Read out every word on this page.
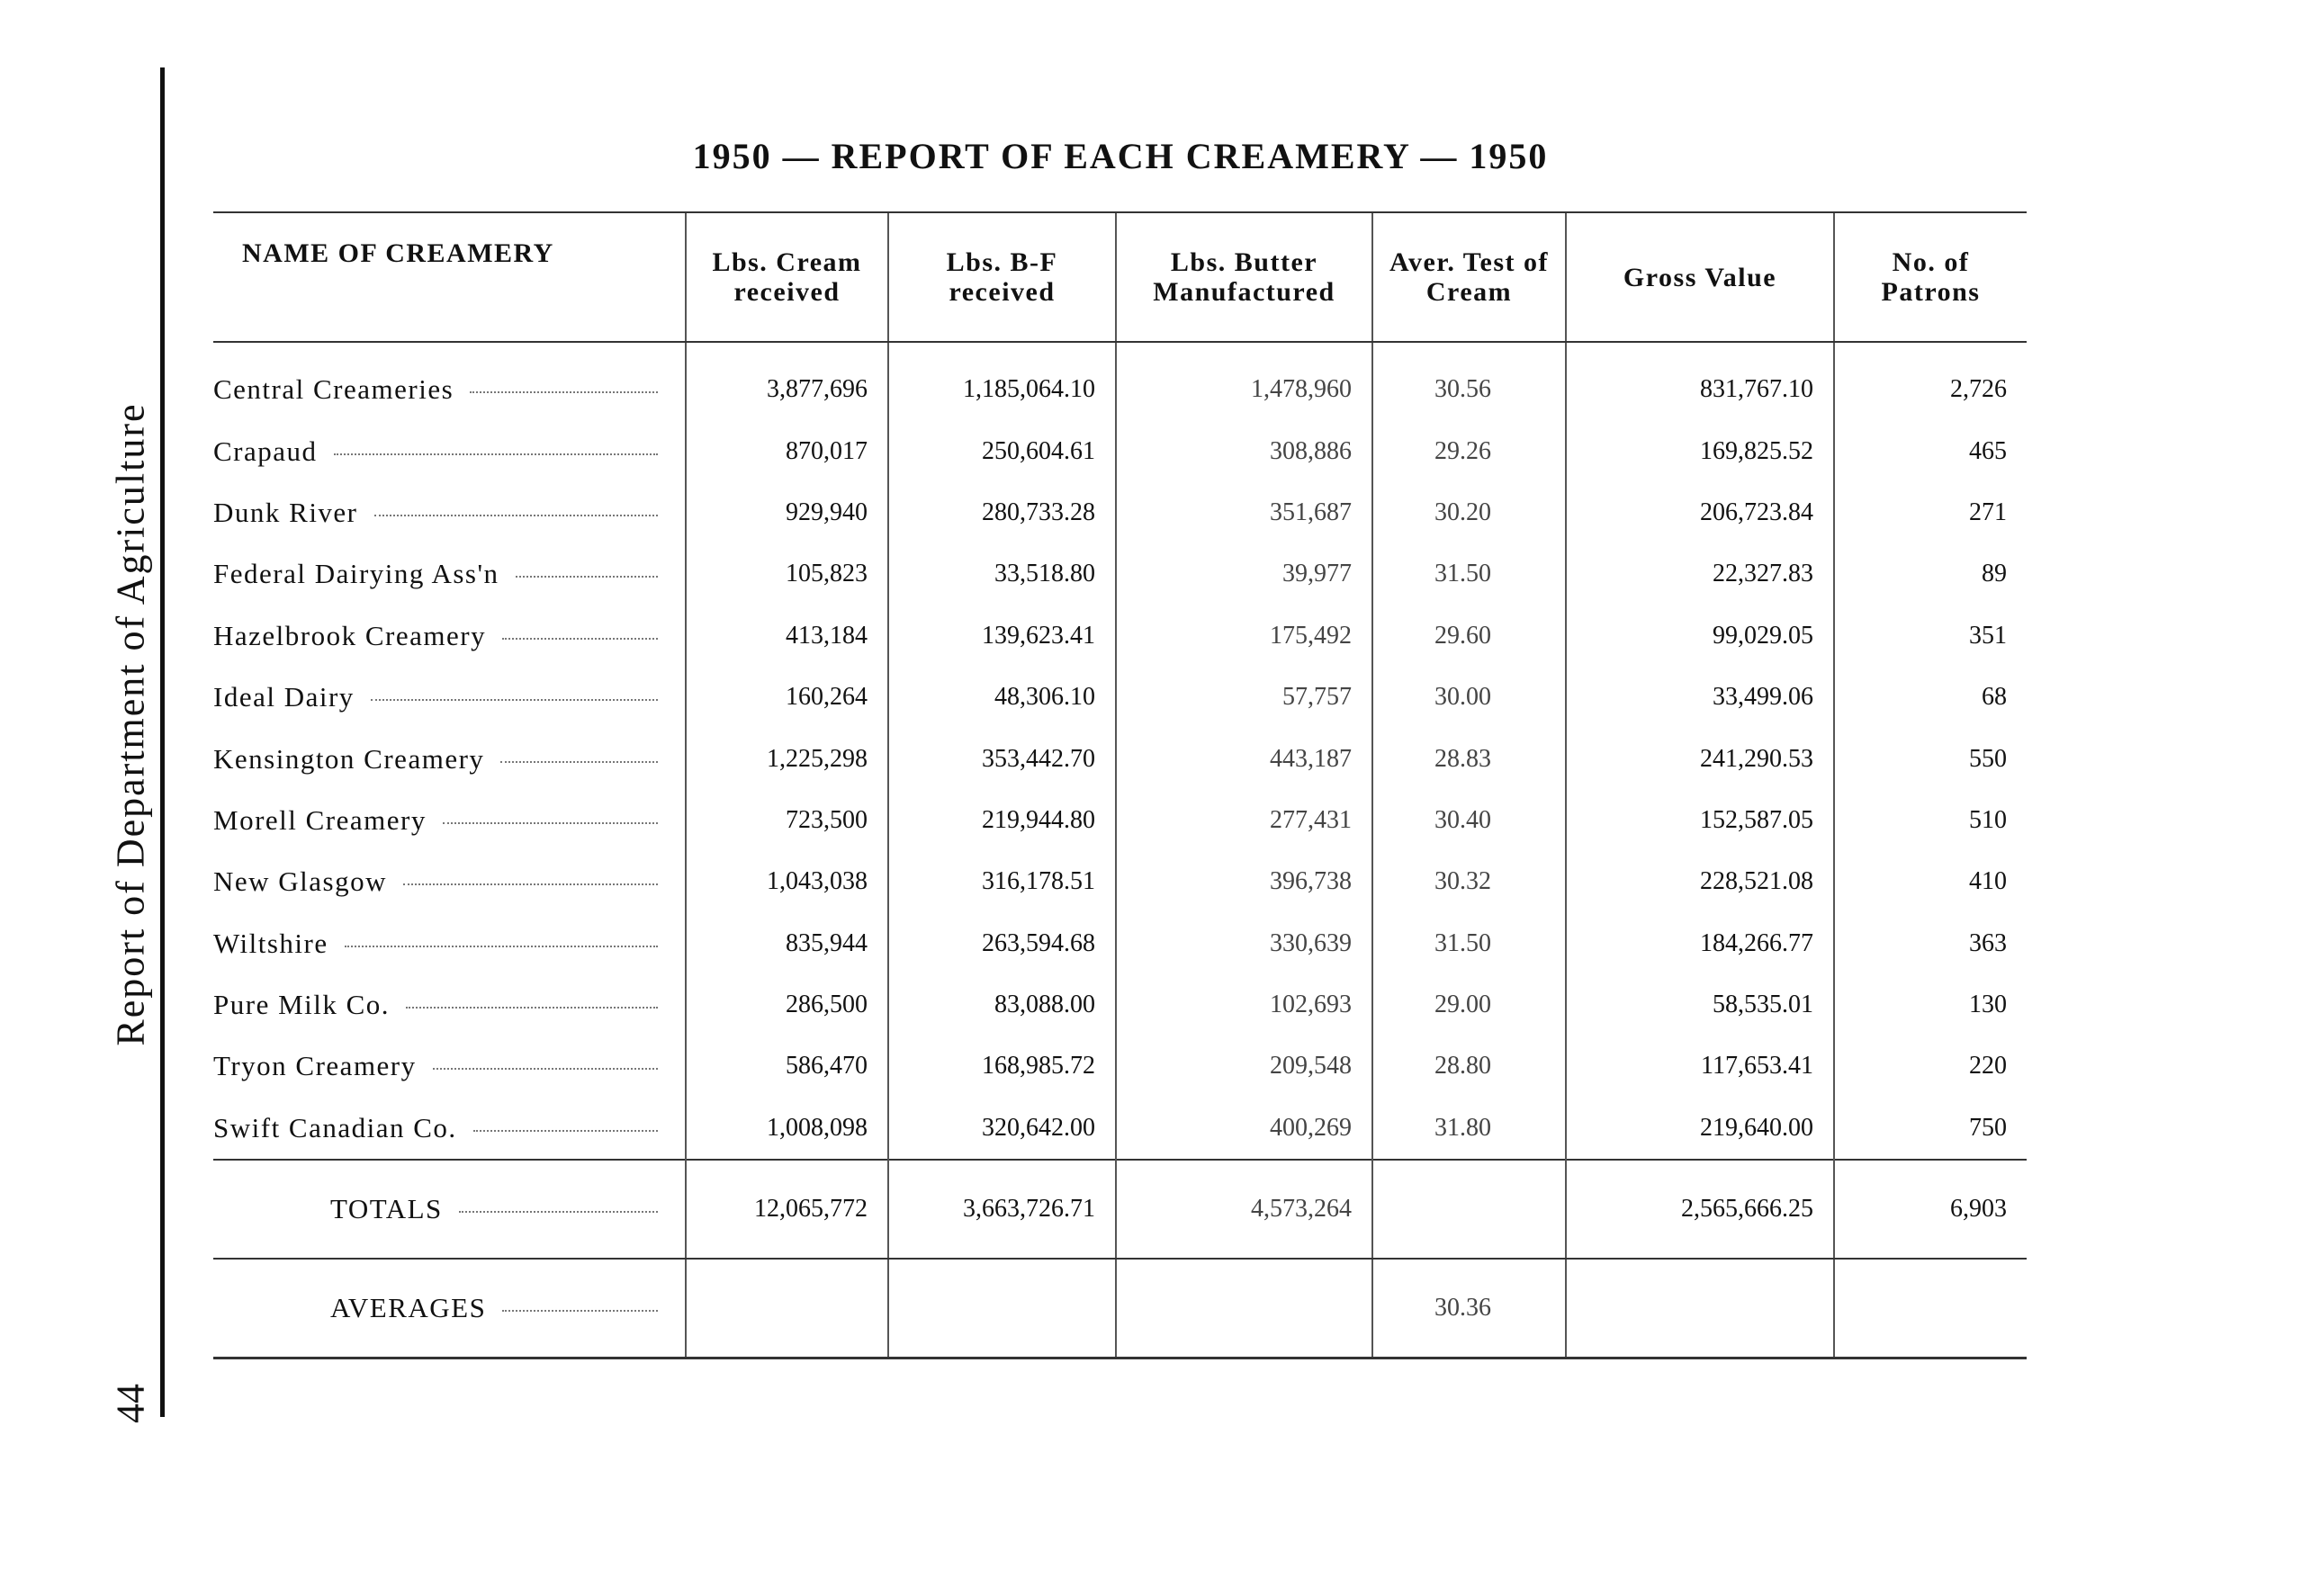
Report of Department of Agriculture
44
1950 — REPORT OF EACH CREAMERY — 1950
NAME OF CREAMERY	Lbs. Cream received	Lbs. B-F received	Lbs. Butter Manufactured	Aver. Test of Cream	Gross Value	No. of Patrons

Central Creameries	3,877,696	1,185,064.10	1,478,960	30.56	831,767.10	2,726

Crapaud	870,017	250,604.61	308,886	29.26	169,825.52	465

Dunk River	929,940	280,733.28	351,687	30.20	206,723.84	271

Federal Dairying Ass'n	105,823	33,518.80	39,977	31.50	22,327.83	89

Hazelbrook Creamery	413,184	139,623.41	175,492	29.60	99,029.05	351

Ideal Dairy	160,264	48,306.10	57,757	30.00	33,499.06	68

Kensington Creamery	1,225,298	353,442.70	443,187	28.83	241,290.53	550

Morell Creamery	723,500	219,944.80	277,431	30.40	152,587.05	510

New Glasgow	1,043,038	316,178.51	396,738	30.32	228,521.08	410

Wiltshire	835,944	263,594.68	330,639	31.50	184,266.77	363

Pure Milk Co.	286,500	83,088.00	102,693	29.00	58,535.01	130

Tryon Creamery	586,470	168,985.72	209,548	28.80	117,653.41	220

Swift Canadian Co.	1,008,098	320,642.00	400,269	31.80	219,640.00	750

TOTALS	12,065,772	3,663,726.71	4,573,264		2,565,666.25	6,903

AVERAGES				30.36		
